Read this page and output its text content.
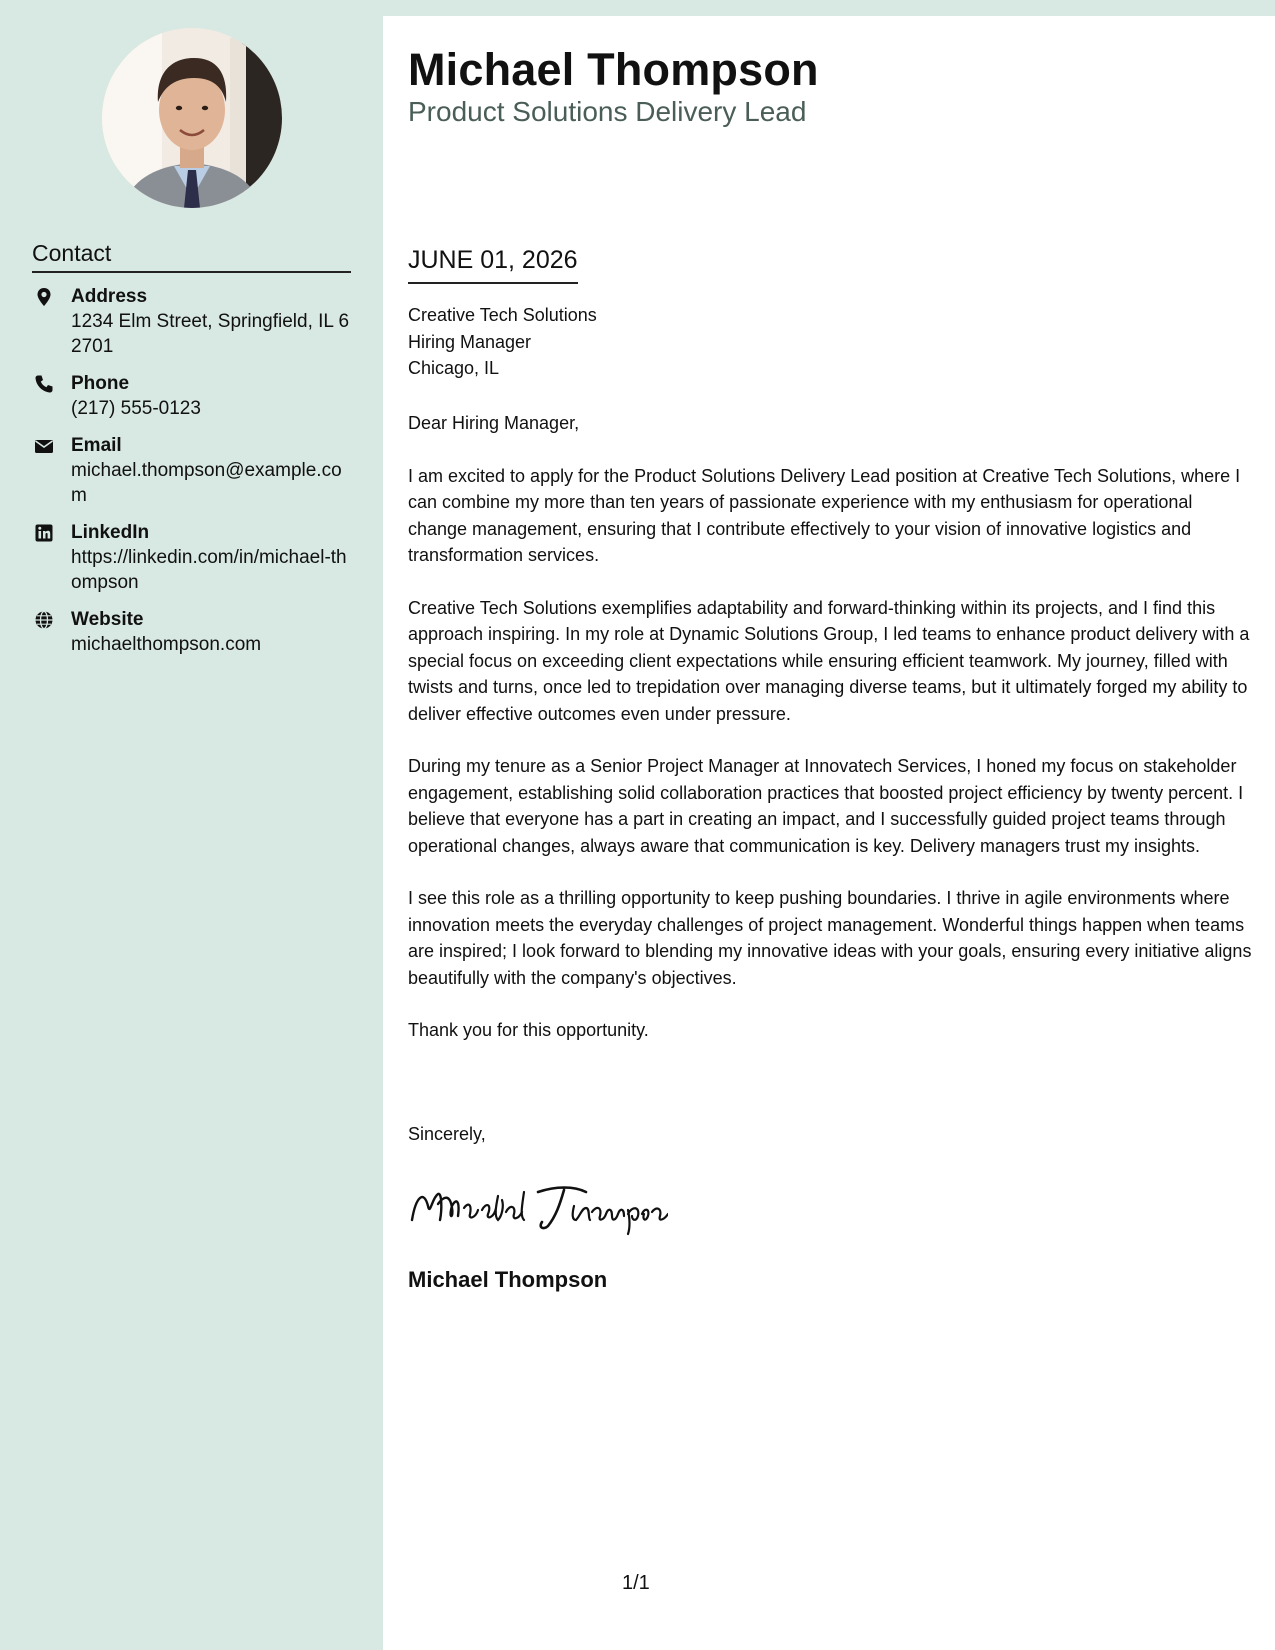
Contact
Address
1234 Elm Street, Springfield, IL 62701
Phone
(217) 555-0123
Email
michael.thompson@example.com
LinkedIn
https://linkedin.com/in/michael-thompson
Website
michaelthompson.com
Michael Thompson
Product Solutions Delivery Lead
JUNE 01, 2026
Creative Tech Solutions
Hiring Manager
Chicago, IL

Dear Hiring Manager,

I am excited to apply for the Product Solutions Delivery Lead position at Creative Tech Solutions, where I can combine my more than ten years of passionate experience with my enthusiasm for operational change management, ensuring that I contribute effectively to your vision of innovative logistics and transformation services.

Creative Tech Solutions exemplifies adaptability and forward-thinking within its projects, and I find this approach inspiring. In my role at Dynamic Solutions Group, I led teams to enhance product delivery with a special focus on exceeding client expectations while ensuring efficient teamwork. My journey, filled with twists and turns, once led to trepidation over managing diverse teams, but it ultimately forged my ability to deliver effective outcomes even under pressure.

During my tenure as a Senior Project Manager at Innovatech Services, I honed my focus on stakeholder engagement, establishing solid collaboration practices that boosted project efficiency by twenty percent. I believe that everyone has a part in creating an impact, and I successfully guided project teams through operational changes, always aware that communication is key. Delivery managers trust my insights.

I see this role as a thrilling opportunity to keep pushing boundaries. I thrive in agile environments where innovation meets the everyday challenges of project management. Wonderful things happen when teams are inspired; I look forward to blending my innovative ideas with your goals, ensuring every initiative aligns beautifully with the company's objectives.

Thank you for this opportunity.

Sincerely,
Michael Thompson
1/1
